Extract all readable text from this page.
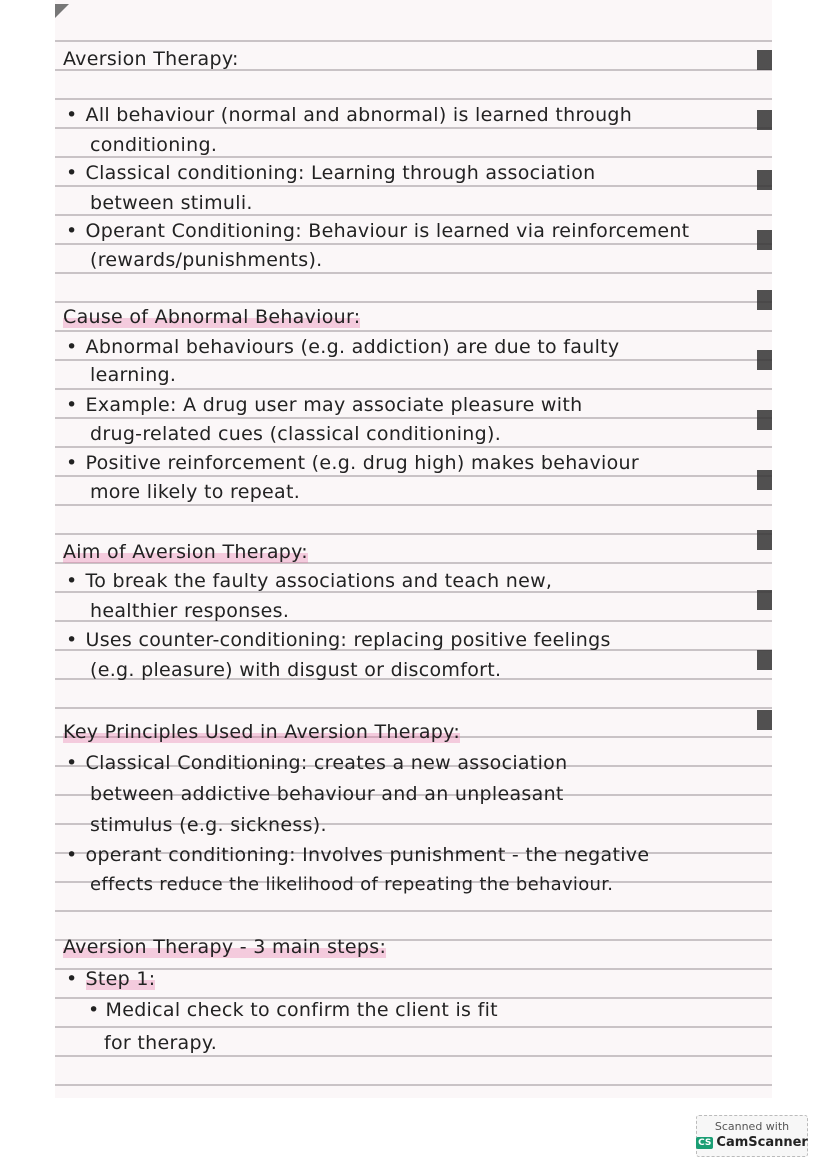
Aversion Therapy:
• All behaviour (normal and abnormal) is learned through
conditioning.
• Classical conditioning: Learning through association
between stimuli.
• Operant Conditioning: Behaviour is learned via reinforcement
(rewards/punishments).
Cause of Abnormal Behaviour:
• Abnormal behaviours (e.g. addiction) are due to faulty
learning.
• Example: A drug user may associate pleasure with
drug-related cues (classical conditioning).
• Positive reinforcement (e.g. drug high) makes behaviour
more likely to repeat.
Aim of Aversion Therapy:
• To break the faulty associations and teach new,
healthier responses.
• Uses counter-conditioning: replacing positive feelings
(e.g. pleasure) with disgust or discomfort.
Key Principles Used in Aversion Therapy:
• Classical Conditioning: creates a new association
between addictive behaviour and an unpleasant
stimulus (e.g. sickness).
• operant conditioning: Involves punishment - the negative
effects reduce the likelihood of repeating the behaviour.
Aversion Therapy - 3 main steps:
• Step 1:
• Medical check to confirm the client is fit
for therapy.
Scanned with
CS CamScanner
